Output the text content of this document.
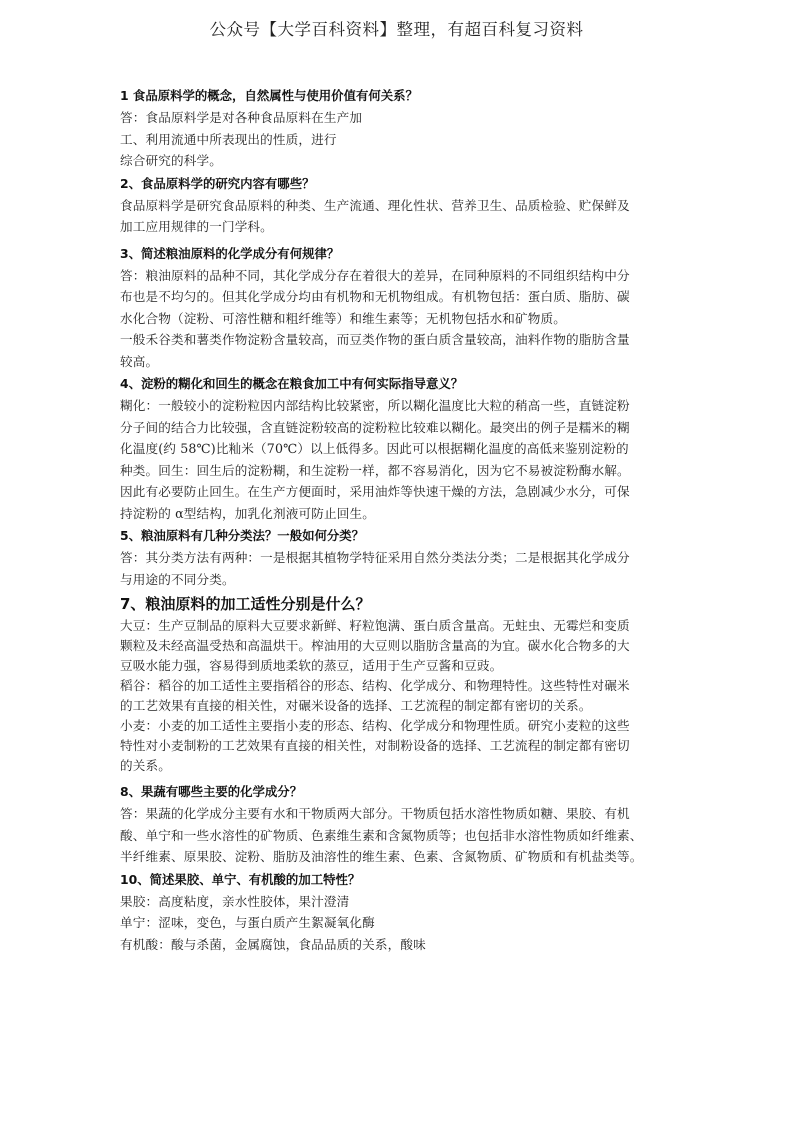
公众号【大学百科资料】整理，有超百科复习资料
1 食品原料学的概念，自然属性与使用价值有何关系？

答：食品原料学是对各种食品原料在生产加

工、利用流通中所表现出的性质，进行

综合研究的科学。

2、食品原料学的研究内容有哪些？

食品原料学是研究食品原料的种类、生产流通、理化性状、营养卫生、品质检验、贮保鲜及

加工应用规律的一门学科。

3、简述粮油原料的化学成分有何规律？

答：粮油原料的品种不同，其化学成分存在着很大的差异，在同种原料的不同组织结构中分

布也是不均匀的。但其化学成分均由有机物和无机物组成。有机物包括：蛋白质、脂肪、碳

水化合物（淀粉、可溶性糖和粗纤维等）和维生素等；无机物包括水和矿物质。

一般禾谷类和薯类作物淀粉含量较高，而豆类作物的蛋白质含量较高，油料作物的脂肪含量

较高。

4、淀粉的糊化和回生的概念在粮食加工中有何实际指导意义？

糊化：一般较小的淀粉粒因内部结构比较紧密，所以糊化温度比大粒的稍高一些，直链淀粉

分子间的结合力比较强，含直链淀粉较高的淀粉粒比较难以糊化。最突出的例子是糯米的糊

化温度(约 58℃)比籼米（70℃）以上低得多。因此可以根据糊化温度的高低来鉴别淀粉的

种类。回生：回生后的淀粉糊，和生淀粉一样，都不容易消化，因为它不易被淀粉酶水解。

因此有必要防止回生。在生产方便面时，采用油炸等快速干燥的方法，急剧减少水分，可保

持淀粉的 α型结构，加乳化剂液可防止回生。

5、粮油原料有几种分类法？一般如何分类？

答：其分类方法有两种：一是根据其植物学特征采用自然分类法分类；二是根据其化学成分

与用途的不同分类。

7、粮油原料的加工适性分别是什么？

大豆：生产豆制品的原料大豆要求新鲜、籽粒饱满、蛋白质含量高。无蛀虫、无霉烂和变质

颗粒及未经高温受热和高温烘干。榨油用的大豆则以脂肪含量高的为宜。碳水化合物多的大

豆吸水能力强，容易得到质地柔软的蒸豆，适用于生产豆酱和豆豉。

稻谷：稻谷的加工适性主要指稻谷的形态、结构、化学成分、和物理特性。这些特性对碾米

的工艺效果有直接的相关性，对碾米设备的选择、工艺流程的制定都有密切的关系。

小麦：小麦的加工适性主要指小麦的形态、结构、化学成分和物理性质。研究小麦粒的这些

特性对小麦制粉的工艺效果有直接的相关性，对制粉设备的选择、工艺流程的制定都有密切

的关系。

8、果蔬有哪些主要的化学成分？

答：果蔬的化学成分主要有水和干物质两大部分。干物质包括水溶性物质如糖、果胶、有机

酸、单宁和一些水溶性的矿物质、色素维生素和含氮物质等；也包括非水溶性物质如纤维素、

半纤维素、原果胶、淀粉、脂肪及油溶性的维生素、色素、含氮物质、矿物质和有机盐类等。

10、简述果胶、单宁、有机酸的加工特性？

果胶：高度粘度，亲水性胶体，果汁澄清

单宁：涩味，变色，与蛋白质产生絮凝氧化酶

有机酸：酸与杀菌，金属腐蚀，食品品质的关系，酸味
